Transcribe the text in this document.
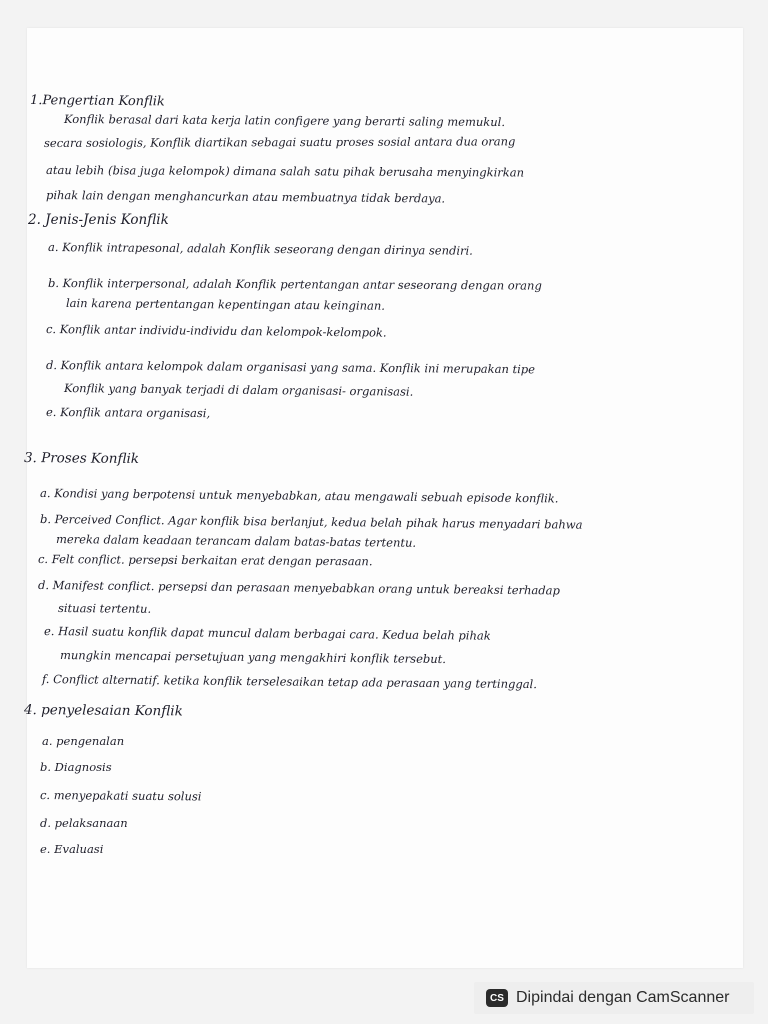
1.Pengertian Konflik
Konflik berasal dari kata kerja latin configere yang berarti saling memukul.
secara sosiologis, Konflik diartikan sebagai suatu proses sosial antara dua orang
atau lebih (bisa juga kelompok) dimana salah satu pihak berusaha menyingkirkan
pihak lain dengan menghancurkan atau membuatnya tidak berdaya.
2. Jenis-Jenis Konflik
a. Konflik intrapesonal, adalah Konflik seseorang dengan dirinya sendiri.
b. Konflik interpersonal, adalah Konflik pertentangan antar seseorang dengan orang
lain karena pertentangan kepentingan atau keinginan.
c. Konflik antar individu-individu dan kelompok-kelompok.
d. Konflik antara kelompok dalam organisasi yang sama. Konflik ini merupakan tipe
Konflik yang banyak terjadi di dalam organisasi- organisasi.
e. Konflik antara organisasi,
3. Proses Konflik
a. Kondisi yang berpotensi untuk menyebabkan, atau mengawali sebuah episode konflik.
b. Perceived Conflict. Agar konflik bisa berlanjut, kedua belah pihak harus menyadari bahwa
mereka dalam keadaan terancam dalam batas-batas tertentu.
c. Felt conflict. persepsi berkaitan erat dengan perasaan.
d. Manifest conflict. persepsi dan perasaan menyebabkan orang untuk bereaksi terhadap
situasi tertentu.
e. Hasil suatu konflik dapat muncul dalam berbagai cara. Kedua belah pihak
mungkin mencapai persetujuan yang mengakhiri konflik tersebut.
f. Conflict alternatif. ketika konflik terselesaikan tetap ada perasaan yang tertinggal.
4. penyelesaian Konflik
a. pengenalan
b. Diagnosis
c. menyepakati suatu solusi
d. pelaksanaan
e. Evaluasi
CS Dipindai dengan CamScanner
